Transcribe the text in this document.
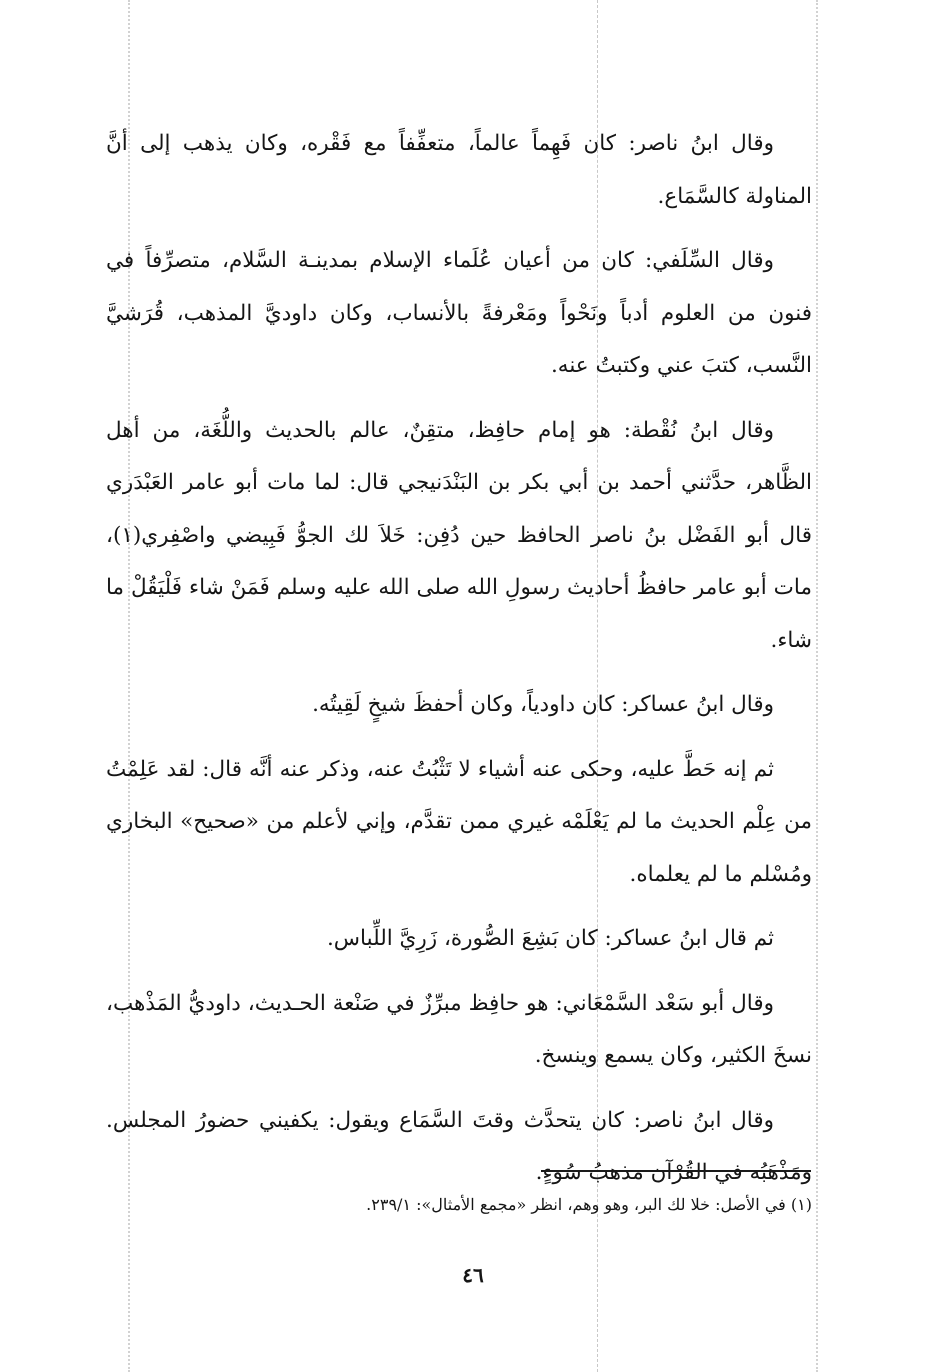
وقال ابنُ ناصر: كان فَهِماً عالماً، متعفِّفاً مع فَقْره، وكان يذهب إلى أنَّ المناولة كالسَّمَاع.

وقال السِّلَفي: كان من أعيان عُلَماء الإسلام بمدينـة السَّلام، متصرِّفاً في فنون من العلوم أدباً ونَحْواً ومَعْرفةً بالأنساب، وكان داوديَّ المذهب، قُرَشيَّ النَّسب، كتبَ عني وكتبتُ عنه.

وقال ابنُ نُقْطة: هو إمام حافِظ، متقِنٌ، عالم بالحديث واللُّغَة، من أهل الظَّاهر، حدَّثني أحمد بن أبي بكر بن البَنْدَنيجي قال: لما مات أبو عامر العَبْدَري قال أبو الفَضْل بنُ ناصر الحافظ حين دُفِن: خَلاَ لك الجوُّ فَبِيضي واصْفِري(١)، مات أبو عامر حافظُ أحاديث رسولِ الله صلى الله عليه وسلم فَمَنْ شاء فَلْيَقُلْ ما شاء.

وقال ابنُ عساكر: كان داودياً، وكان أحفظَ شيخٍ لَقِيتُه.

ثم إنه حَطَّ عليه، وحكى عنه أشياء لا تَثْبُتُ عنه، وذكر عنه أنَّه قال: لقد عَلِمْتُ من عِلْم الحديث ما لم يَعْلَمْه غيري ممن تقدَّم، وإني لأعلم من «صحيح» البخاري ومُسْلم ما لم يعلماه.

ثم قال ابنُ عساكر: كان بَشِعَ الصُّورة، زَرِيَّ اللِّباس.

وقال أبو سَعْد السَّمْعَاني: هو حافِظ مبرِّزٌ في صَنْعة الحـديث، داوديُّ المَذْهب، نسخَ الكثير، وكان يسمع وينسخ.

وقال ابنُ ناصر: كان يتحدَّث وقتَ السَّمَاع ويقول: يكفيني حضورُ المجلس. ومَذْهَبُه في القُرْآن مذهبُ سُوءٍ.

(١) في الأصل: خلا لك البر، وهو وهم، انظر «مجمع الأمثال»: ٢٣٩/١.
٤٦
